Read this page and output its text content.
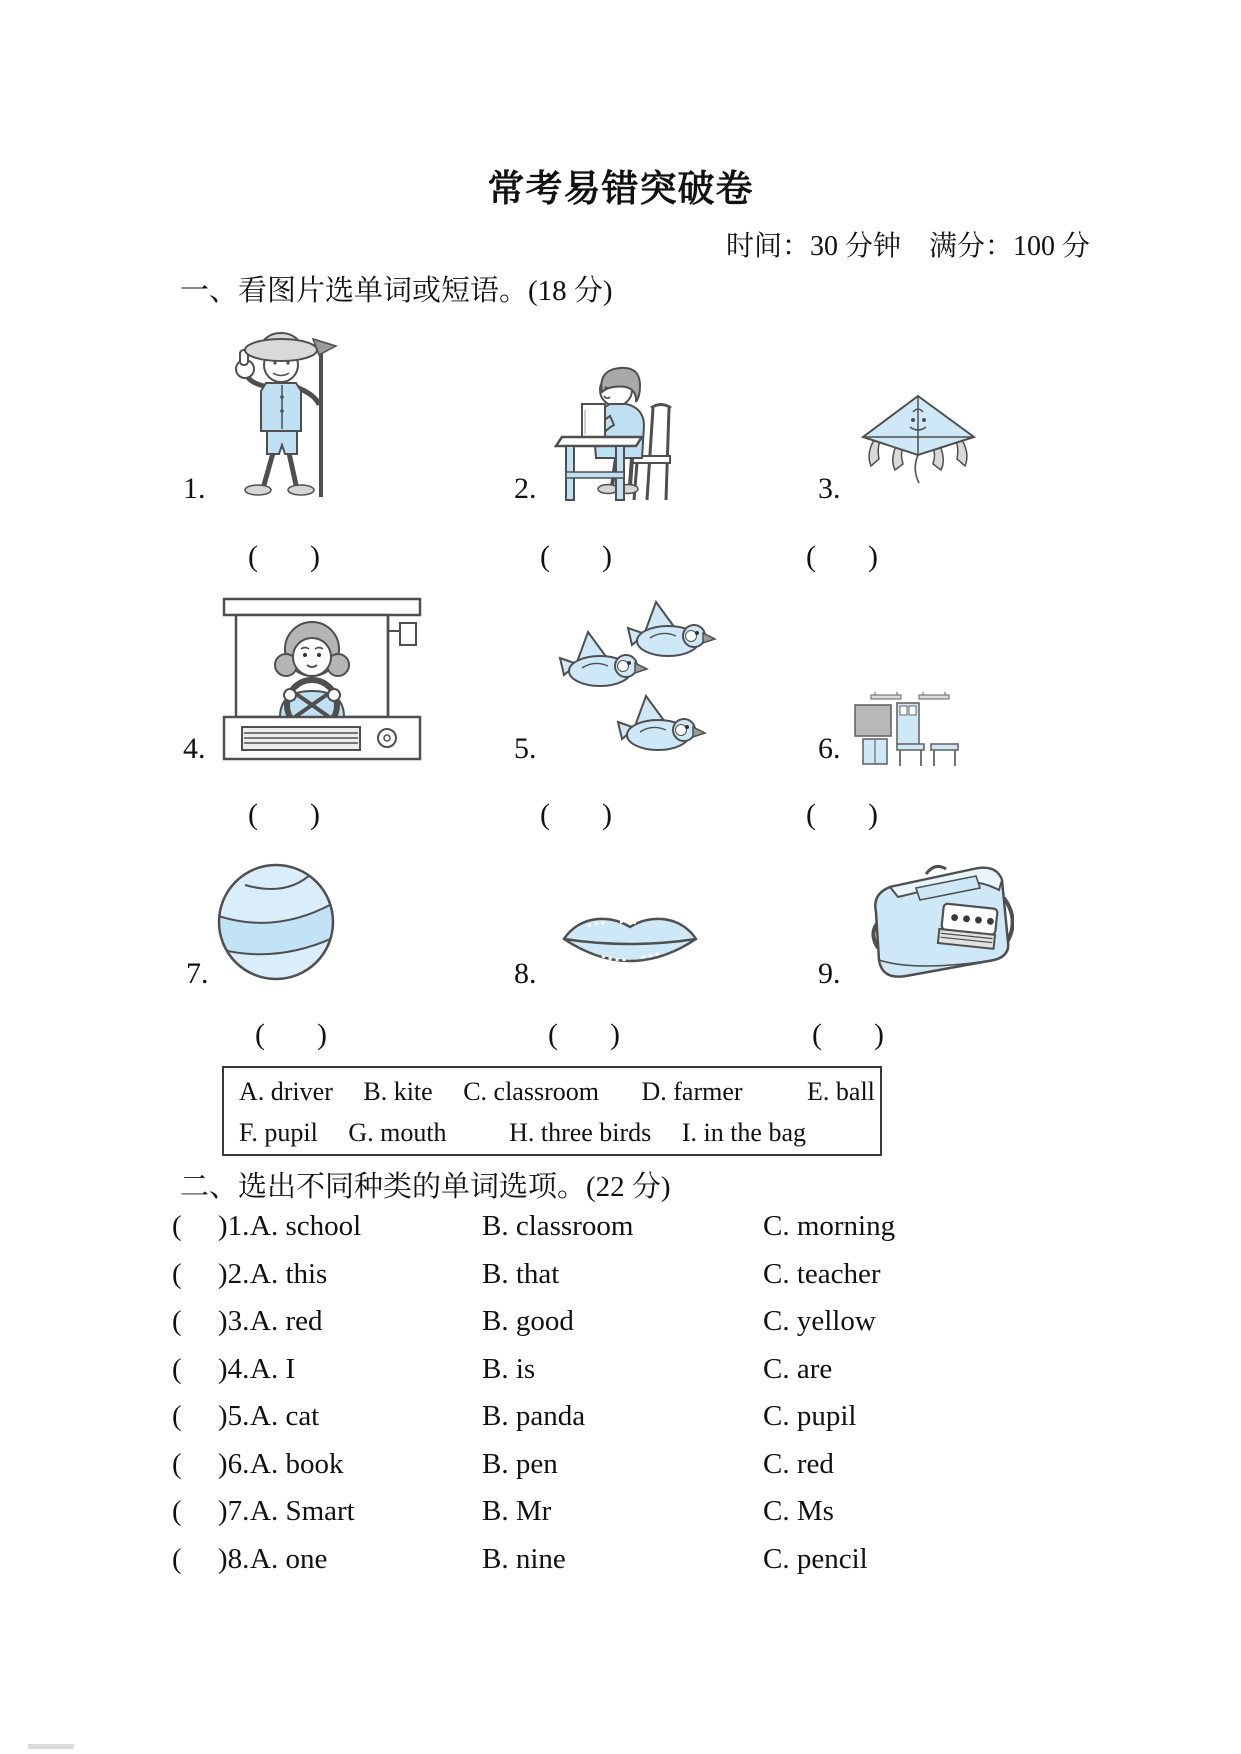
常考易错突破卷
时间：30 分钟　满分：100 分
一、看图片选单词或短语。(18 分)
1.	2.	3.
(      )	(      )	(      )
4.	5.	6.
(      )	(      )	(      )
7.	8.	9.
(      )	(      )	(      )
A. driver B. kite C. classroom D. farmer E. ball
F. pupil G. mouth H. three birds I. in the bag
二、选出不同种类的单词选项。(22 分)
(     )1. A. school	B. classroom	C. morning
(     )2. A. this	B. that	C. teacher
(     )3. A. red	B. good	C. yellow
(     )4. A. I	B. is	C. are
(     )5. A. cat	B. panda	C. pupil
(     )6. A. book	B. pen	C. red
(     )7. A. Smart	B. Mr	C. Ms
(     )8. A. one	B. nine	C. pencil
